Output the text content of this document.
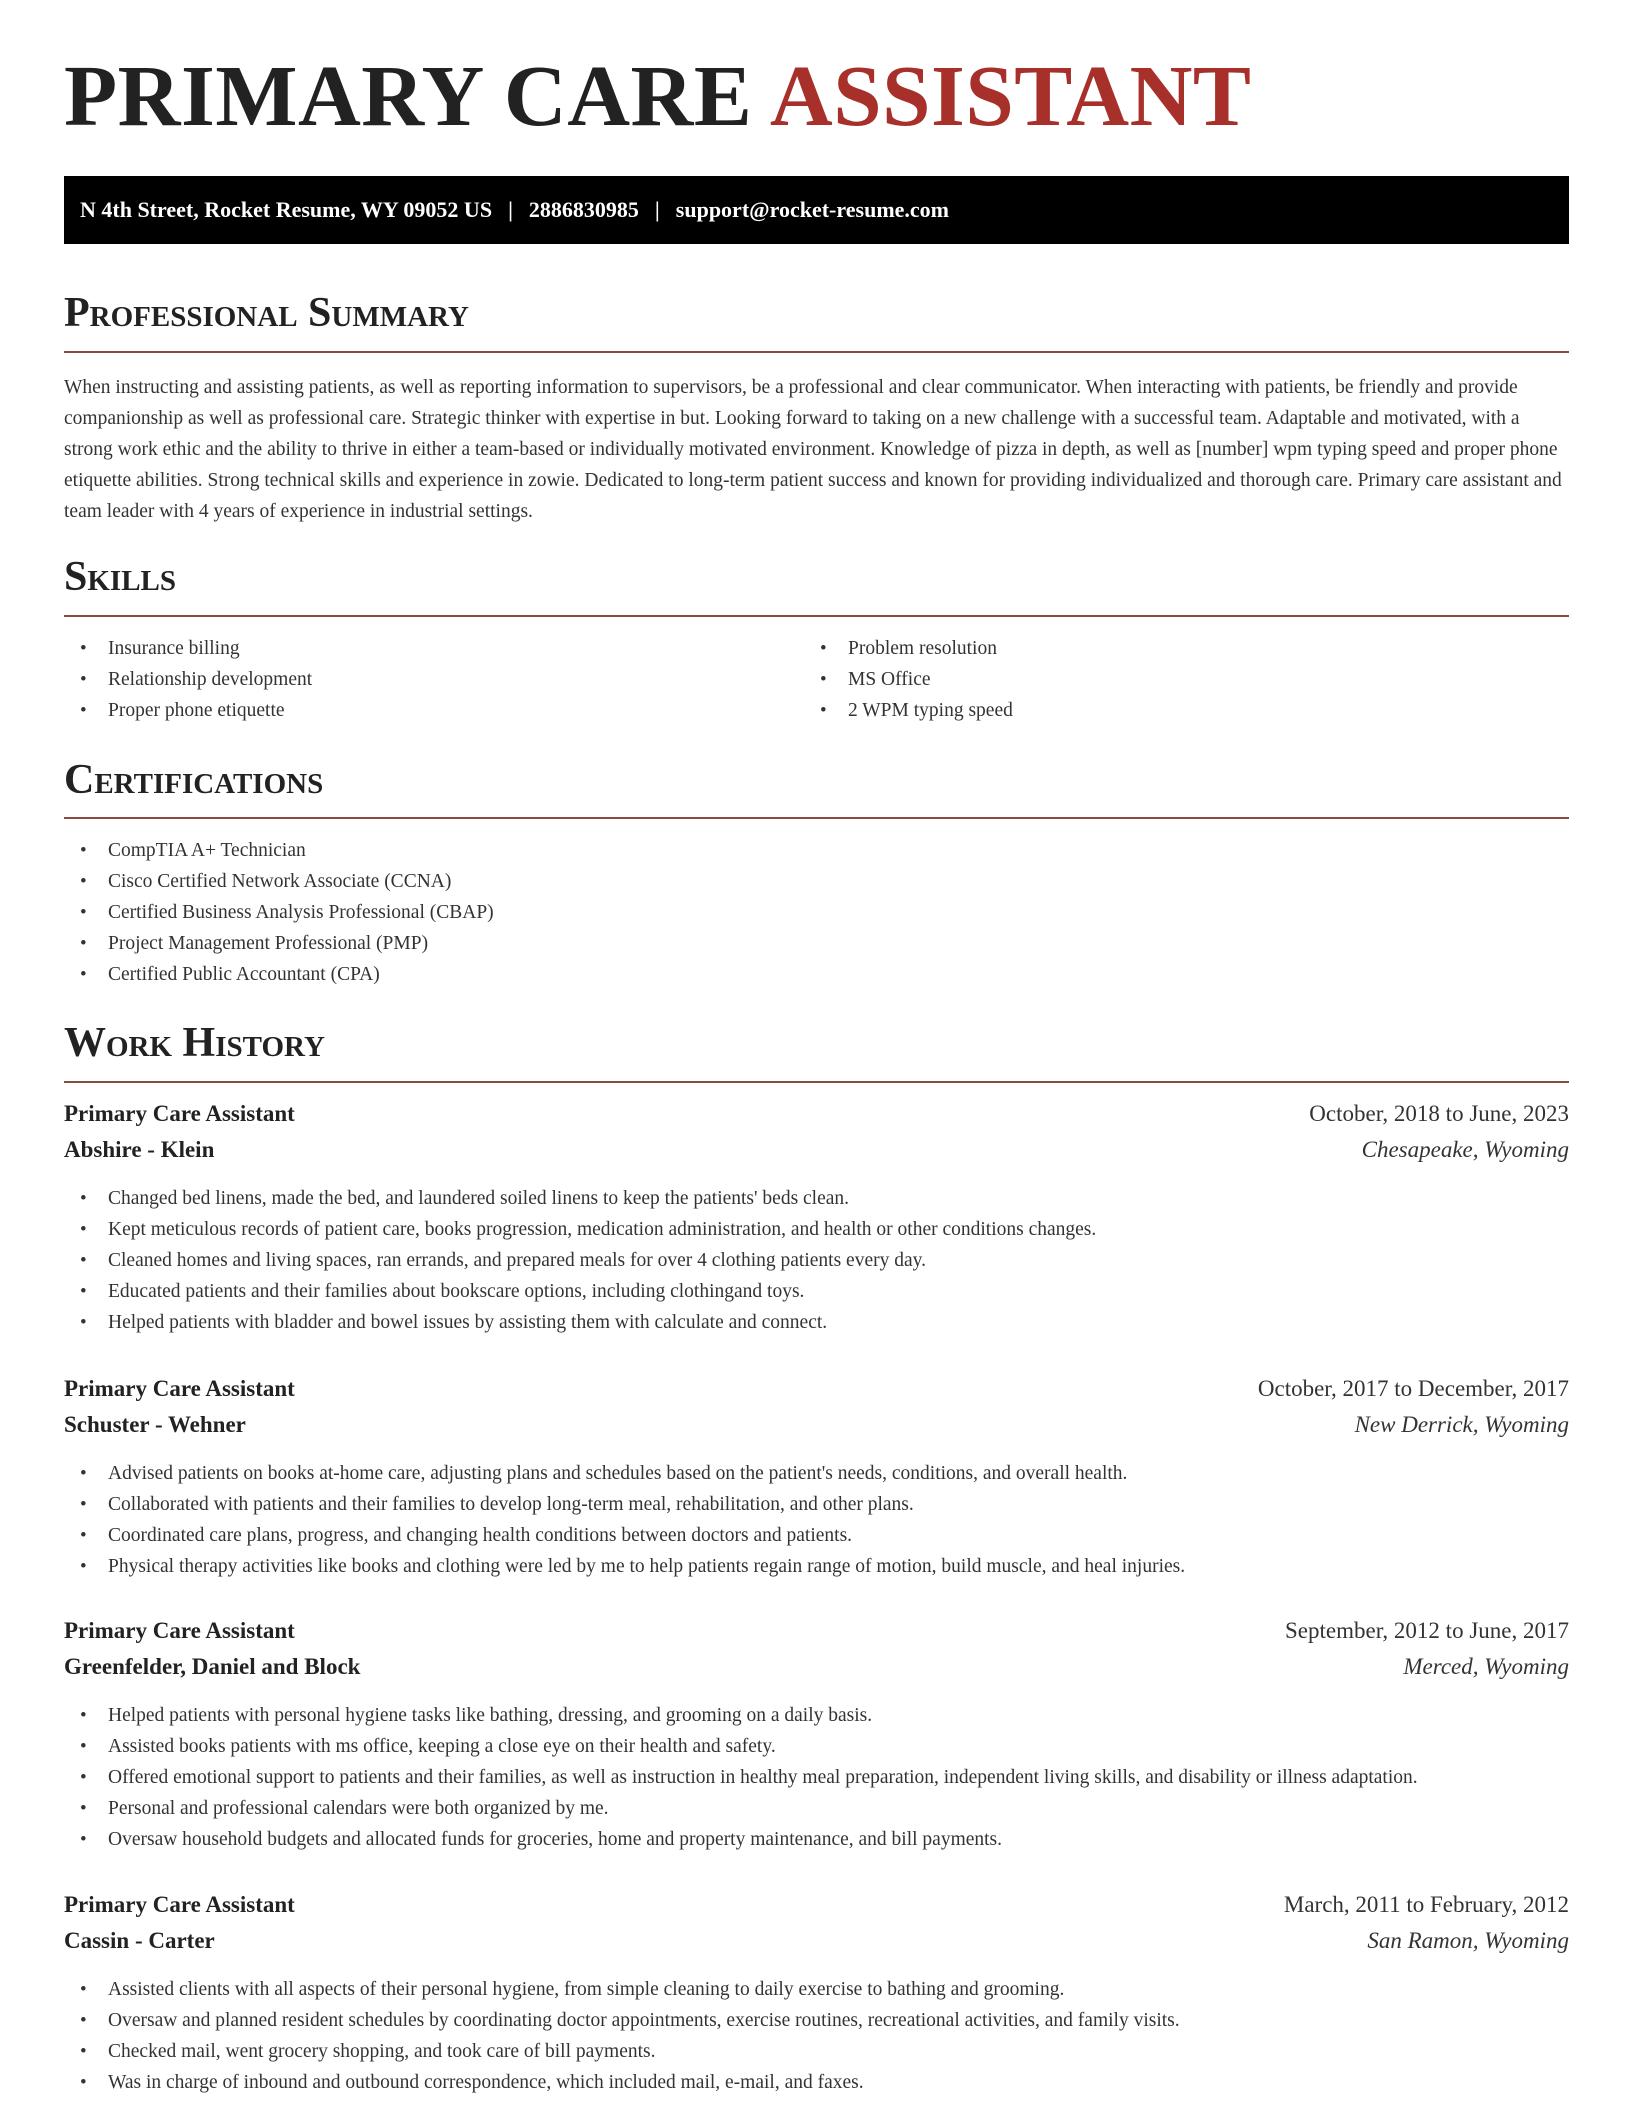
PRIMARY CARE ASSISTANT
N 4th Street, Rocket Resume, WY 09052 US | 2886830985 | support@rocket-resume.com
Professional Summary

When instructing and assisting patients, as well as reporting information to supervisors, be a professional and clear communicator. When interacting with patients, be friendly and provide companionship as well as professional care. Strategic thinker with expertise in but. Looking forward to taking on a new challenge with a successful team. Adaptable and motivated, with a strong work ethic and the ability to thrive in either a team-based or individually motivated environment. Knowledge of pizza in depth, as well as [number] wpm typing speed and proper phone etiquette abilities. Strong technical skills and experience in zowie. Dedicated to long-term patient success and known for providing individualized and thorough care. Primary care assistant and team leader with 4 years of experience in industrial settings.

Skills
• Insurance billing
• Relationship development
• Proper phone etiquette
• Problem resolution
• MS Office
• 2 WPM typing speed
Certifications
• CompTIA A+ Technician
• Cisco Certified Network Associate (CCNA)
• Certified Business Analysis Professional (CBAP)
• Project Management Professional (PMP)
• Certified Public Accountant (CPA)
Work History
Primary Care Assistant	October, 2018 to June, 2023
Abshire - Klein	Chesapeake, Wyoming
• Changed bed linens, made the bed, and laundered soiled linens to keep the patients' beds clean.
• Kept meticulous records of patient care, books progression, medication administration, and health or other conditions changes.
• Cleaned homes and living spaces, ran errands, and prepared meals for over 4 clothing patients every day.
• Educated patients and their families about bookscare options, including clothingand toys.
• Helped patients with bladder and bowel issues by assisting them with calculate and connect.
Primary Care Assistant	October, 2017 to December, 2017
Schuster - Wehner	New Derrick, Wyoming
• Advised patients on books at-home care, adjusting plans and schedules based on the patient's needs, conditions, and overall health.
• Collaborated with patients and their families to develop long-term meal, rehabilitation, and other plans.
• Coordinated care plans, progress, and changing health conditions between doctors and patients.
• Physical therapy activities like books and clothing were led by me to help patients regain range of motion, build muscle, and heal injuries.
Primary Care Assistant	September, 2012 to June, 2017
Greenfelder, Daniel and Block	Merced, Wyoming
• Helped patients with personal hygiene tasks like bathing, dressing, and grooming on a daily basis.
• Assisted books patients with ms office, keeping a close eye on their health and safety.
• Offered emotional support to patients and their families, as well as instruction in healthy meal preparation, independent living skills, and disability or illness adaptation.
• Personal and professional calendars were both organized by me.
• Oversaw household budgets and allocated funds for groceries, home and property maintenance, and bill payments.
Primary Care Assistant	March, 2011 to February, 2012
Cassin - Carter	San Ramon, Wyoming
• Assisted clients with all aspects of their personal hygiene, from simple cleaning to daily exercise to bathing and grooming.
• Oversaw and planned resident schedules by coordinating doctor appointments, exercise routines, recreational activities, and family visits.
• Checked mail, went grocery shopping, and took care of bill payments.
• Was in charge of inbound and outbound correspondence, which included mail, e-mail, and faxes.
